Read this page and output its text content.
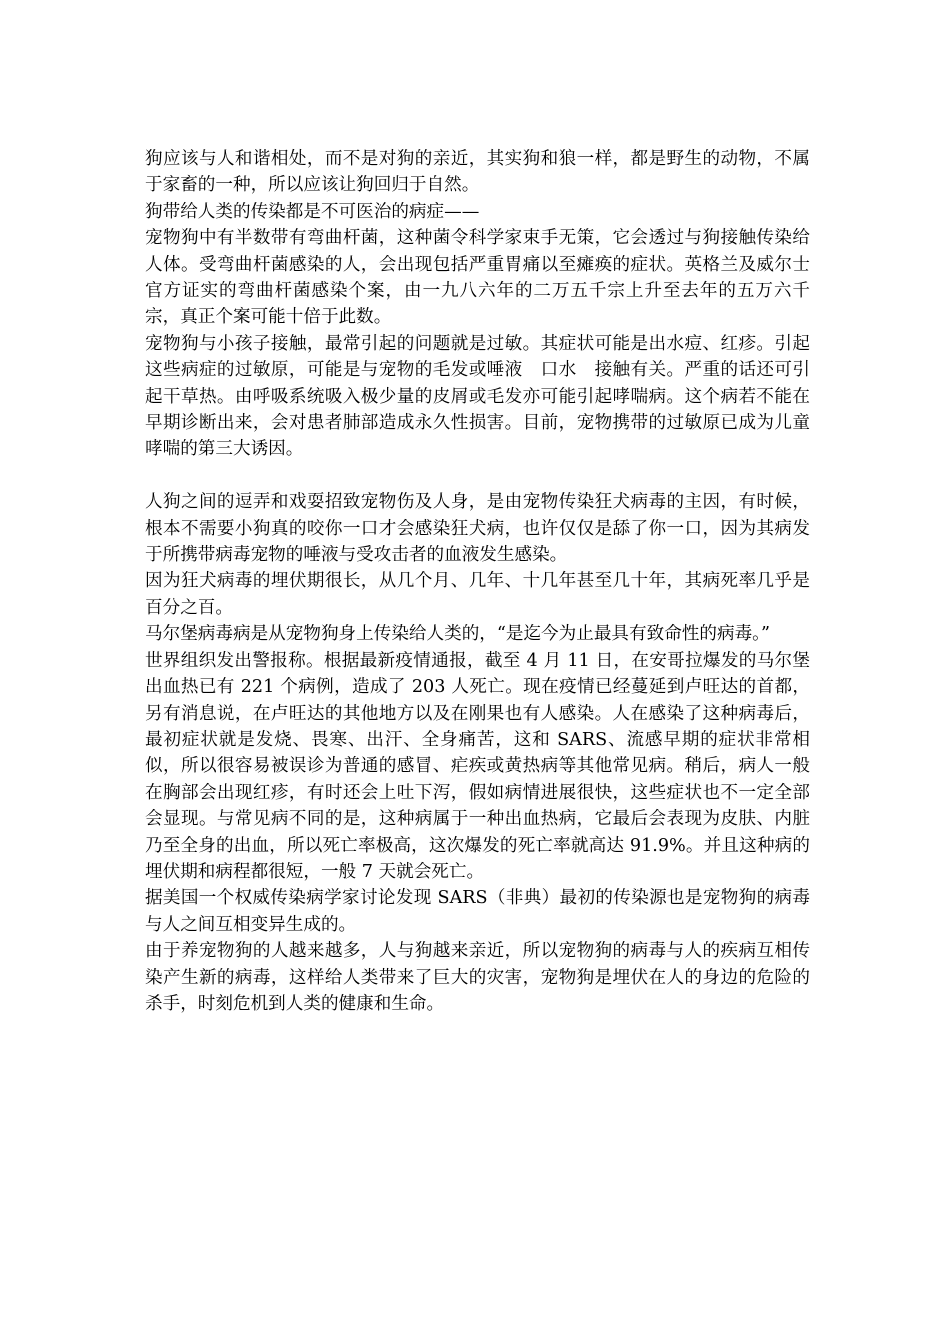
狗应该与人和谐相处，而不是对狗的亲近，其实狗和狼一样，都是野生的动物，不属于家畜的一种，所以应该让狗回归于自然。

狗带给人类的传染都是不可医治的病症——

宠物狗中有半数带有弯曲杆菌，这种菌令科学家束手无策，它会透过与狗接触传染给人体。受弯曲杆菌感染的人，会出现包括严重胃痛以至瘫痪的症状。英格兰及威尔士官方证实的弯曲杆菌感染个案，由一九八六年的二万五千宗上升至去年的五万六千宗，真正个案可能十倍于此数。

宠物狗与小孩子接触，最常引起的问题就是过敏。其症状可能是出水痘、红疹。引起这些病症的过敏原，可能是与宠物的毛发或唾液　口水　接触有关。严重的话还可引起干草热。由呼吸系统吸入极少量的皮屑或毛发亦可能引起哮喘病。这个病若不能在早期诊断出来，会对患者肺部造成永久性损害。目前，宠物携带的过敏原已成为儿童哮喘的第三大诱因。

人狗之间的逗弄和戏耍招致宠物伤及人身，是由宠物传染狂犬病毒的主因，有时候，根本不需要小狗真的咬你一口才会感染狂犬病，也许仅仅是舔了你一口，因为其病发于所携带病毒宠物的唾液与受攻击者的血液发生感染。

因为狂犬病毒的埋伏期很长，从几个月、几年、十几年甚至几十年，其病死率几乎是百分之百。

马尔堡病毒病是从宠物狗身上传染给人类的，“是迄今为止最具有致命性的病毒。”

世界组织发出警报称。根据最新疫情通报，截至 4 月 11 日，在安哥拉爆发的马尔堡出血热已有 221 个病例，造成了 203 人死亡。现在疫情已经蔓延到卢旺达的首都，另有消息说，在卢旺达的其他地方以及在刚果也有人感染。人在感染了这种病毒后，最初症状就是发烧、畏寒、出汗、全身痛苦，这和 SARS、流感早期的症状非常相似，所以很容易被误诊为普通的感冒、疟疾或黄热病等其他常见病。稍后，病人一般在胸部会出现红疹，有时还会上吐下泻，假如病情进展很快，这些症状也不一定全部会显现。与常见病不同的是，这种病属于一种出血热病，它最后会表现为皮肤、内脏乃至全身的出血，所以死亡率极高，这次爆发的死亡率就高达 91.9%。并且这种病的埋伏期和病程都很短，一般 7 天就会死亡。

据美国一个权威传染病学家讨论发现 SARS（非典）最初的传染源也是宠物狗的病毒与人之间互相变异生成的。

由于养宠物狗的人越来越多，人与狗越来亲近，所以宠物狗的病毒与人的疾病互相传染产生新的病毒，这样给人类带来了巨大的灾害，宠物狗是埋伏在人的身边的危险的杀手，时刻危机到人类的健康和生命。
